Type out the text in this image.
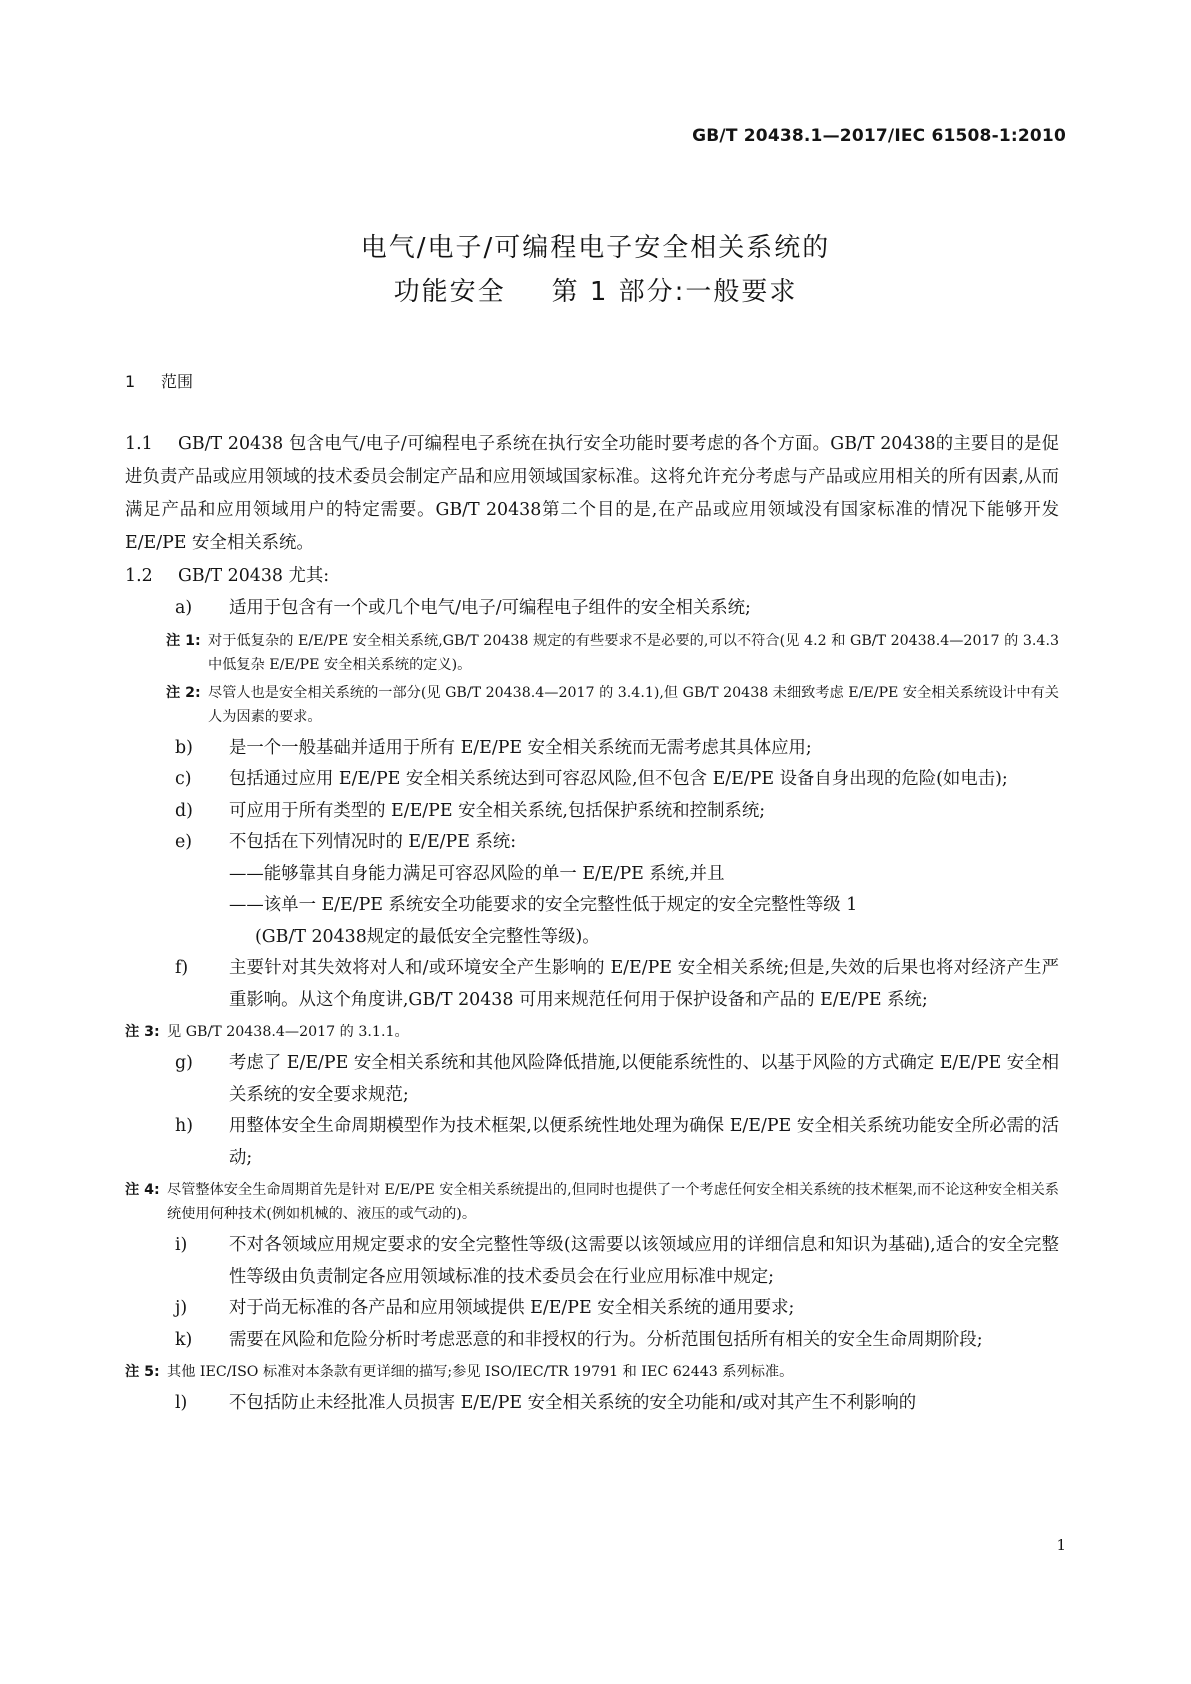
GB/T 20438.1—2017/IEC 61508-1:2010
电气/电子/可编程电子安全相关系统的
功能安全 第 1 部分:一般要求
1 范围

1.1 GB/T 20438 包含电气/电子/可编程电子系统在执行安全功能时要考虑的各个方面。GB/T 20438的主要目的是促进负责产品或应用领域的技术委员会制定产品和应用领域国家标准。这将允许充分考虑与产品或应用相关的所有因素,从而满足产品和应用领域用户的特定需要。GB/T 20438第二个目的是,在产品或应用领域没有国家标准的情况下能够开发 E/E/PE 安全相关系统。

1.2 GB/T 20438 尤其:

a)	适用于包含有一个或几个电气/电子/可编程电子组件的安全相关系统;
注 1: 对于低复杂的 E/E/PE 安全相关系统,GB/T 20438 规定的有些要求不是必要的,可以不符合(见 4.2 和 GB/T 20438.4—2017 的 3.4.3 中低复杂 E/E/PE 安全相关系统的定义)。
注 2: 尽管人也是安全相关系统的一部分(见 GB/T 20438.4—2017 的 3.4.1),但 GB/T 20438 未细致考虑 E/E/PE 安全相关系统设计中有关人为因素的要求。
b)	是一个一般基础并适用于所有 E/E/PE 安全相关系统而无需考虑其具体应用;
c)	包括通过应用 E/E/PE 安全相关系统达到可容忍风险,但不包含 E/E/PE 设备自身出现的危险(如电击);
d)	可应用于所有类型的 E/E/PE 安全相关系统,包括保护系统和控制系统;
e)	不包括在下列情况时的 E/E/PE 系统:
——能够靠其自身能力满足可容忍风险的单一 E/E/PE 系统,并且
——该单一 E/E/PE 系统安全功能要求的安全完整性低于规定的安全完整性等级 1
(GB/T 20438规定的最低安全完整性等级)。
f)	主要针对其失效将对人和/或环境安全产生影响的 E/E/PE 安全相关系统;但是,失效的后果也将对经济产生严重影响。从这个角度讲,GB/T 20438 可用来规范任何用于保护设备和产品的 E/E/PE 系统;
注 3: 见 GB/T 20438.4—2017 的 3.1.1。
g)	考虑了 E/E/PE 安全相关系统和其他风险降低措施,以便能系统性的、以基于风险的方式确定 E/E/PE 安全相关系统的安全要求规范;
h)	用整体安全生命周期模型作为技术框架,以便系统性地处理为确保 E/E/PE 安全相关系统功能安全所必需的活动;
注 4: 尽管整体安全生命周期首先是针对 E/E/PE 安全相关系统提出的,但同时也提供了一个考虑任何安全相关系统的技术框架,而不论这种安全相关系统使用何种技术(例如机械的、液压的或气动的)。
i)	不对各领域应用规定要求的安全完整性等级(这需要以该领域应用的详细信息和知识为基础),适合的安全完整性等级由负责制定各应用领域标准的技术委员会在行业应用标准中规定;
j)	对于尚无标准的各产品和应用领域提供 E/E/PE 安全相关系统的通用要求;
k)	需要在风险和危险分析时考虑恶意的和非授权的行为。分析范围包括所有相关的安全生命周期阶段;
注 5: 其他 IEC/ISO 标准对本条款有更详细的描写;参见 ISO/IEC/TR 19791 和 IEC 62443 系列标准。
l)	不包括防止未经批准人员损害 E/E/PE 安全相关系统的安全功能和/或对其产生不利影响的
1
